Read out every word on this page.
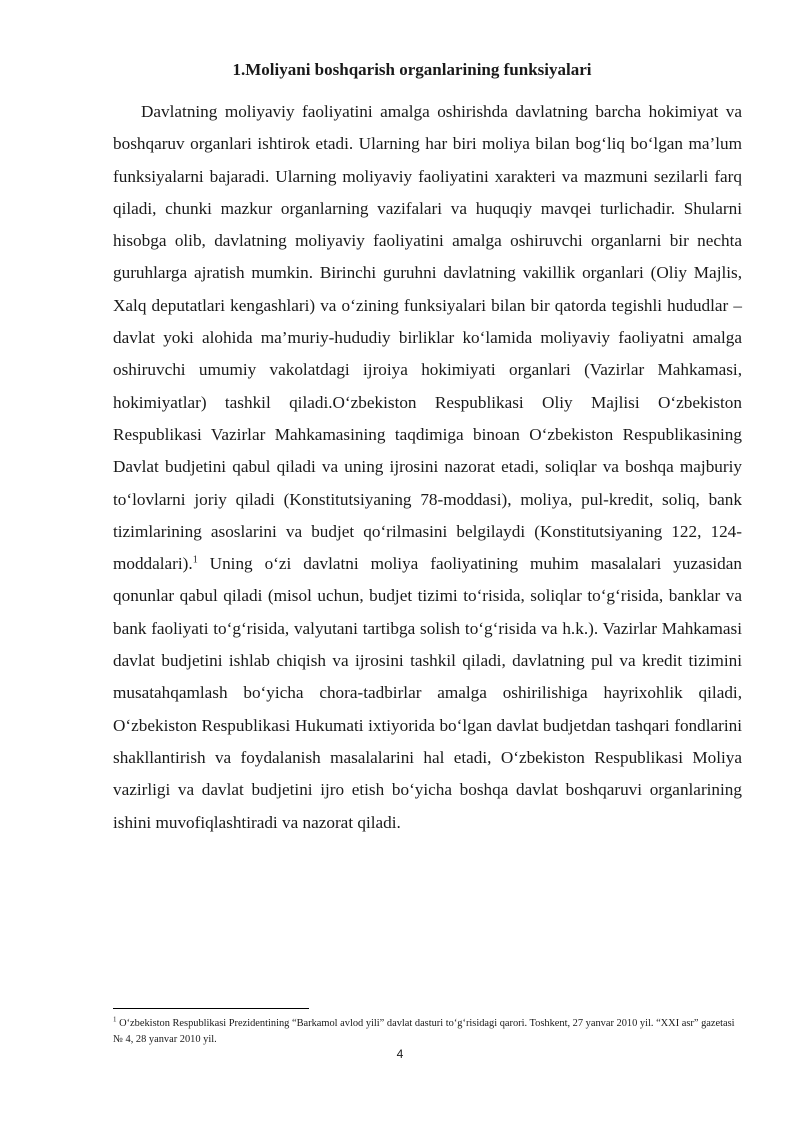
1.Moliyani boshqarish organlarining funksiyalari

Davlatning moliyaviy faoliyatini amalga oshirishda davlatning barcha hokimiyat va boshqaruv organlari ishtirok etadi. Ularning har biri moliya bilan bog‘liq bo‘lgan ma’lum funksiyalarni bajaradi. Ularning moliyaviy faoliyatini xarakteri va mazmuni sezilarli farq qiladi, chunki mazkur organlarning vazifalari va huquqiy mavqei turlichadir. Shularni hisobga olib, davlatning moliyaviy faoliyatini amalga oshiruvchi organlarni bir nechta guruhlarga ajratish mumkin. Birinchi guruhni davlatning vakillik organlari (Oliy Majlis, Xalq deputatlari kengashlari) va o‘zining funksiyalari bilan bir qatorda tegishli hududlar – davlat yoki alohida ma’muriy-hududiy birliklar ko‘lamida moliyaviy faoliyatni amalga oshiruvchi umumiy vakolatdagi ijroiya hokimiyati organlari (Vazirlar Mahkamasi, hokimiyatlar) tashkil qiladi.O‘zbekiston Respublikasi Oliy Majlisi O‘zbekiston Respublikasi Vazirlar Mahkamasining taqdimiga binoan O‘zbekiston Respublikasining Davlat budjetini qabul qiladi va uning ijrosini nazorat etadi, soliqlar va boshqa majburiy to‘lovlarni joriy qiladi (Konstitutsiyaning 78-moddasi), moliya, pul-kredit, soliq, bank tizimlarining asoslarini va budjet qo‘rilmasini belgilaydi (Konstitutsiyaning 122, 124-moddalari).$^1$ Uning o‘zi davlatni moliya faoliyatining muhim masalalari yuzasidan qonunlar qabul qiladi (misol uchun, budjet tizimi to‘risida, soliqlar to‘g‘risida, banklar va bank faoliyati to‘g‘risida, valyutani tartibga solish to‘g‘risida va h.k.). Vazirlar Mahkamasi davlat budjetini ishlab chiqish va ijrosini tashkil qiladi, davlatning pul va kredit tizimini musatahqamlash bo‘yicha chora-tadbirlar amalga oshirilishiga hayrixohlik qiladi, O‘zbekiston Respublikasi Hukumati ixtiyorida bo‘lgan davlat budjetdan tashqari fondlarini shakllantirish va foydalanish masalalarini hal etadi, O‘zbekiston Respublikasi Moliya vazirligi va davlat budjetini ijro etish bo‘yicha boshqa davlat boshqaruvi organlarining ishini muvofiqlashtiradi va nazorat qiladi.

$^1$ O‘zbekiston Respublikasi Prezidentining “Barkamol avlod yili” davlat dasturi to‘g‘risidagi qarori. Toshkent, 27 yanvar 2010 yil. “XXI asr” gazetasi № 4, 28 yanvar 2010 yil.

4
